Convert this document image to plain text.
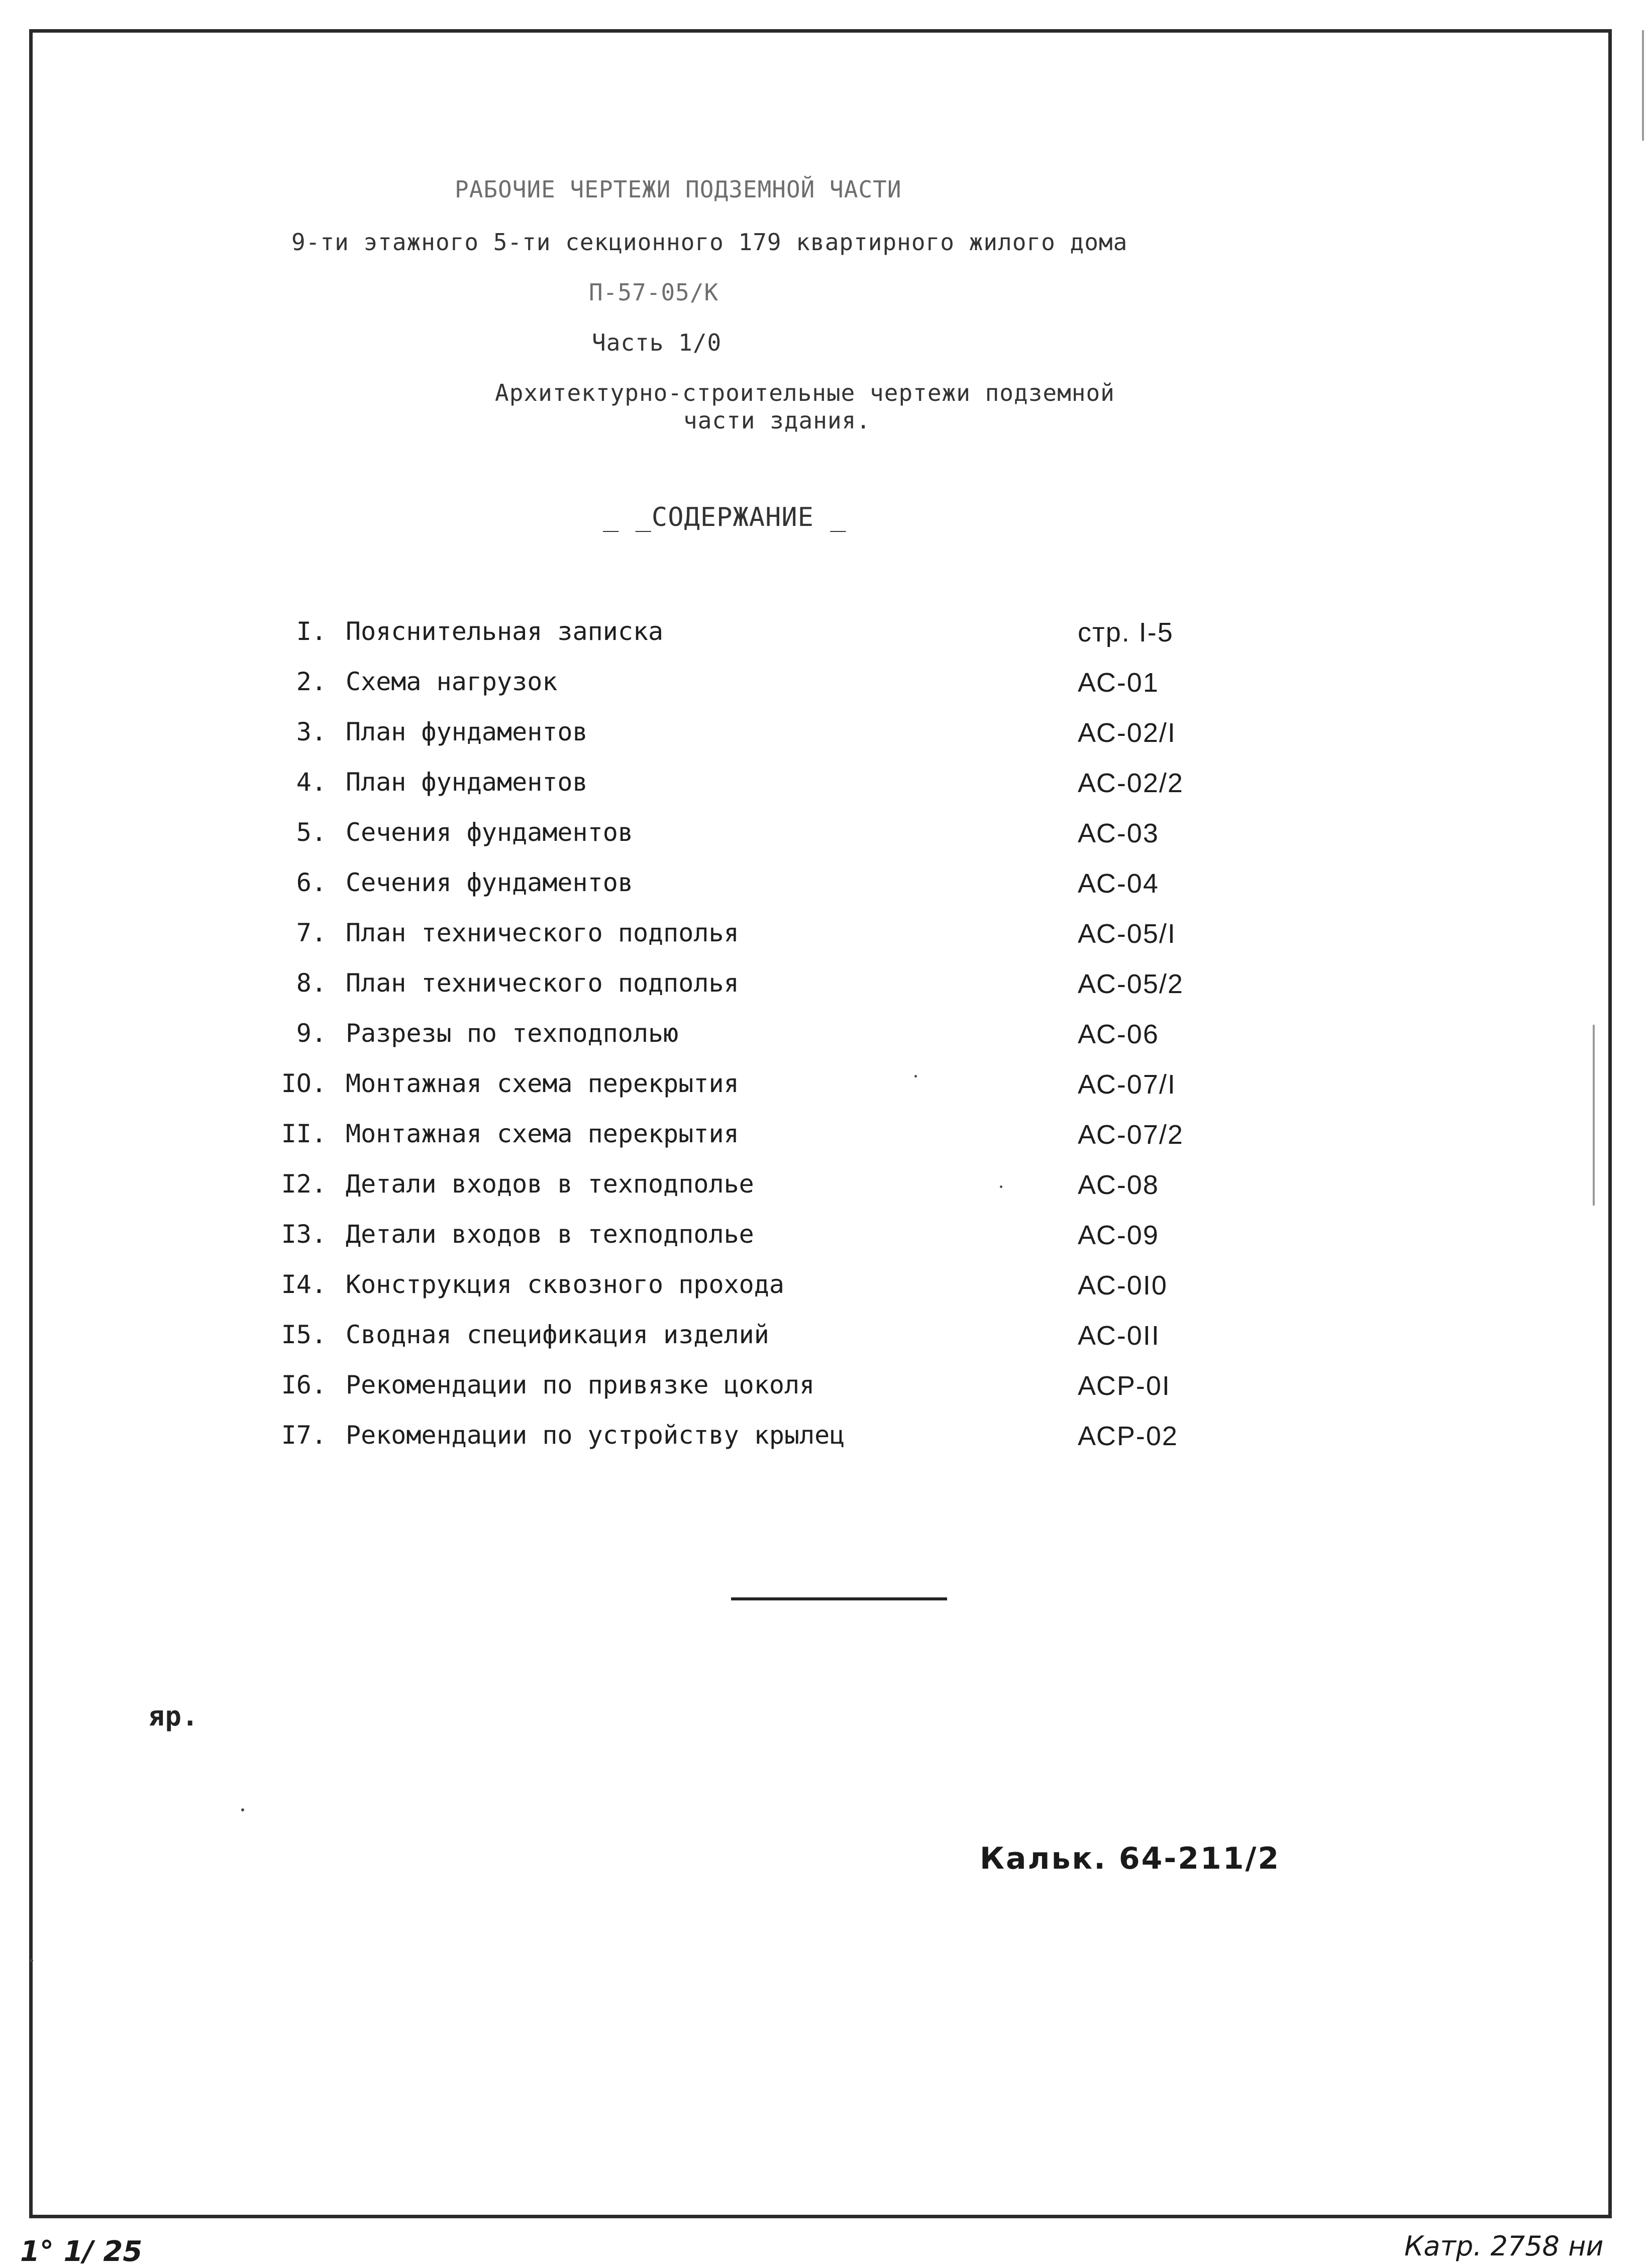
РАБОЧИЕ ЧЕРТЕЖИ ПОДЗЕМНОЙ ЧАСТИ
9-ти этажного 5-ти секционного 179 квартирного жилого дома
П-57-05/К
Часть 1/0
Архитектурно-строительные чертежи подземной
части здания.
_ _СОДЕРЖАНИЕ _
I. Пояснительная записка	стр. I-5
2. Схема нагрузок	АС-01
3. План фундаментов	АС-02/I
4. План фундаментов	АС-02/2
5. Сечения фундаментов	АС-03
6. Сечения фундаментов	АС-04
7. План технического подполья	АС-05/I
8. План технического подполья	АС-05/2
9. Разрезы по техподполью	АС-06
IO. Монтажная схема перекрытия	АС-07/I
II. Монтажная схема перекрытия	АС-07/2
I2. Детали входов в техподполье	АС-08
I3. Детали входов в техподполье	АС-09
I4. Конструкция сквозного прохода	АС-0I0
I5. Сводная спецификация изделий	АС-0II
I6. Рекомендации по привязке цоколя	АСР-0I
I7. Рекомендации по устройству крылец	АСР-02
яр.
Кальк. 64-211/2
Катр. 2758 ни
1° 1/ 25
